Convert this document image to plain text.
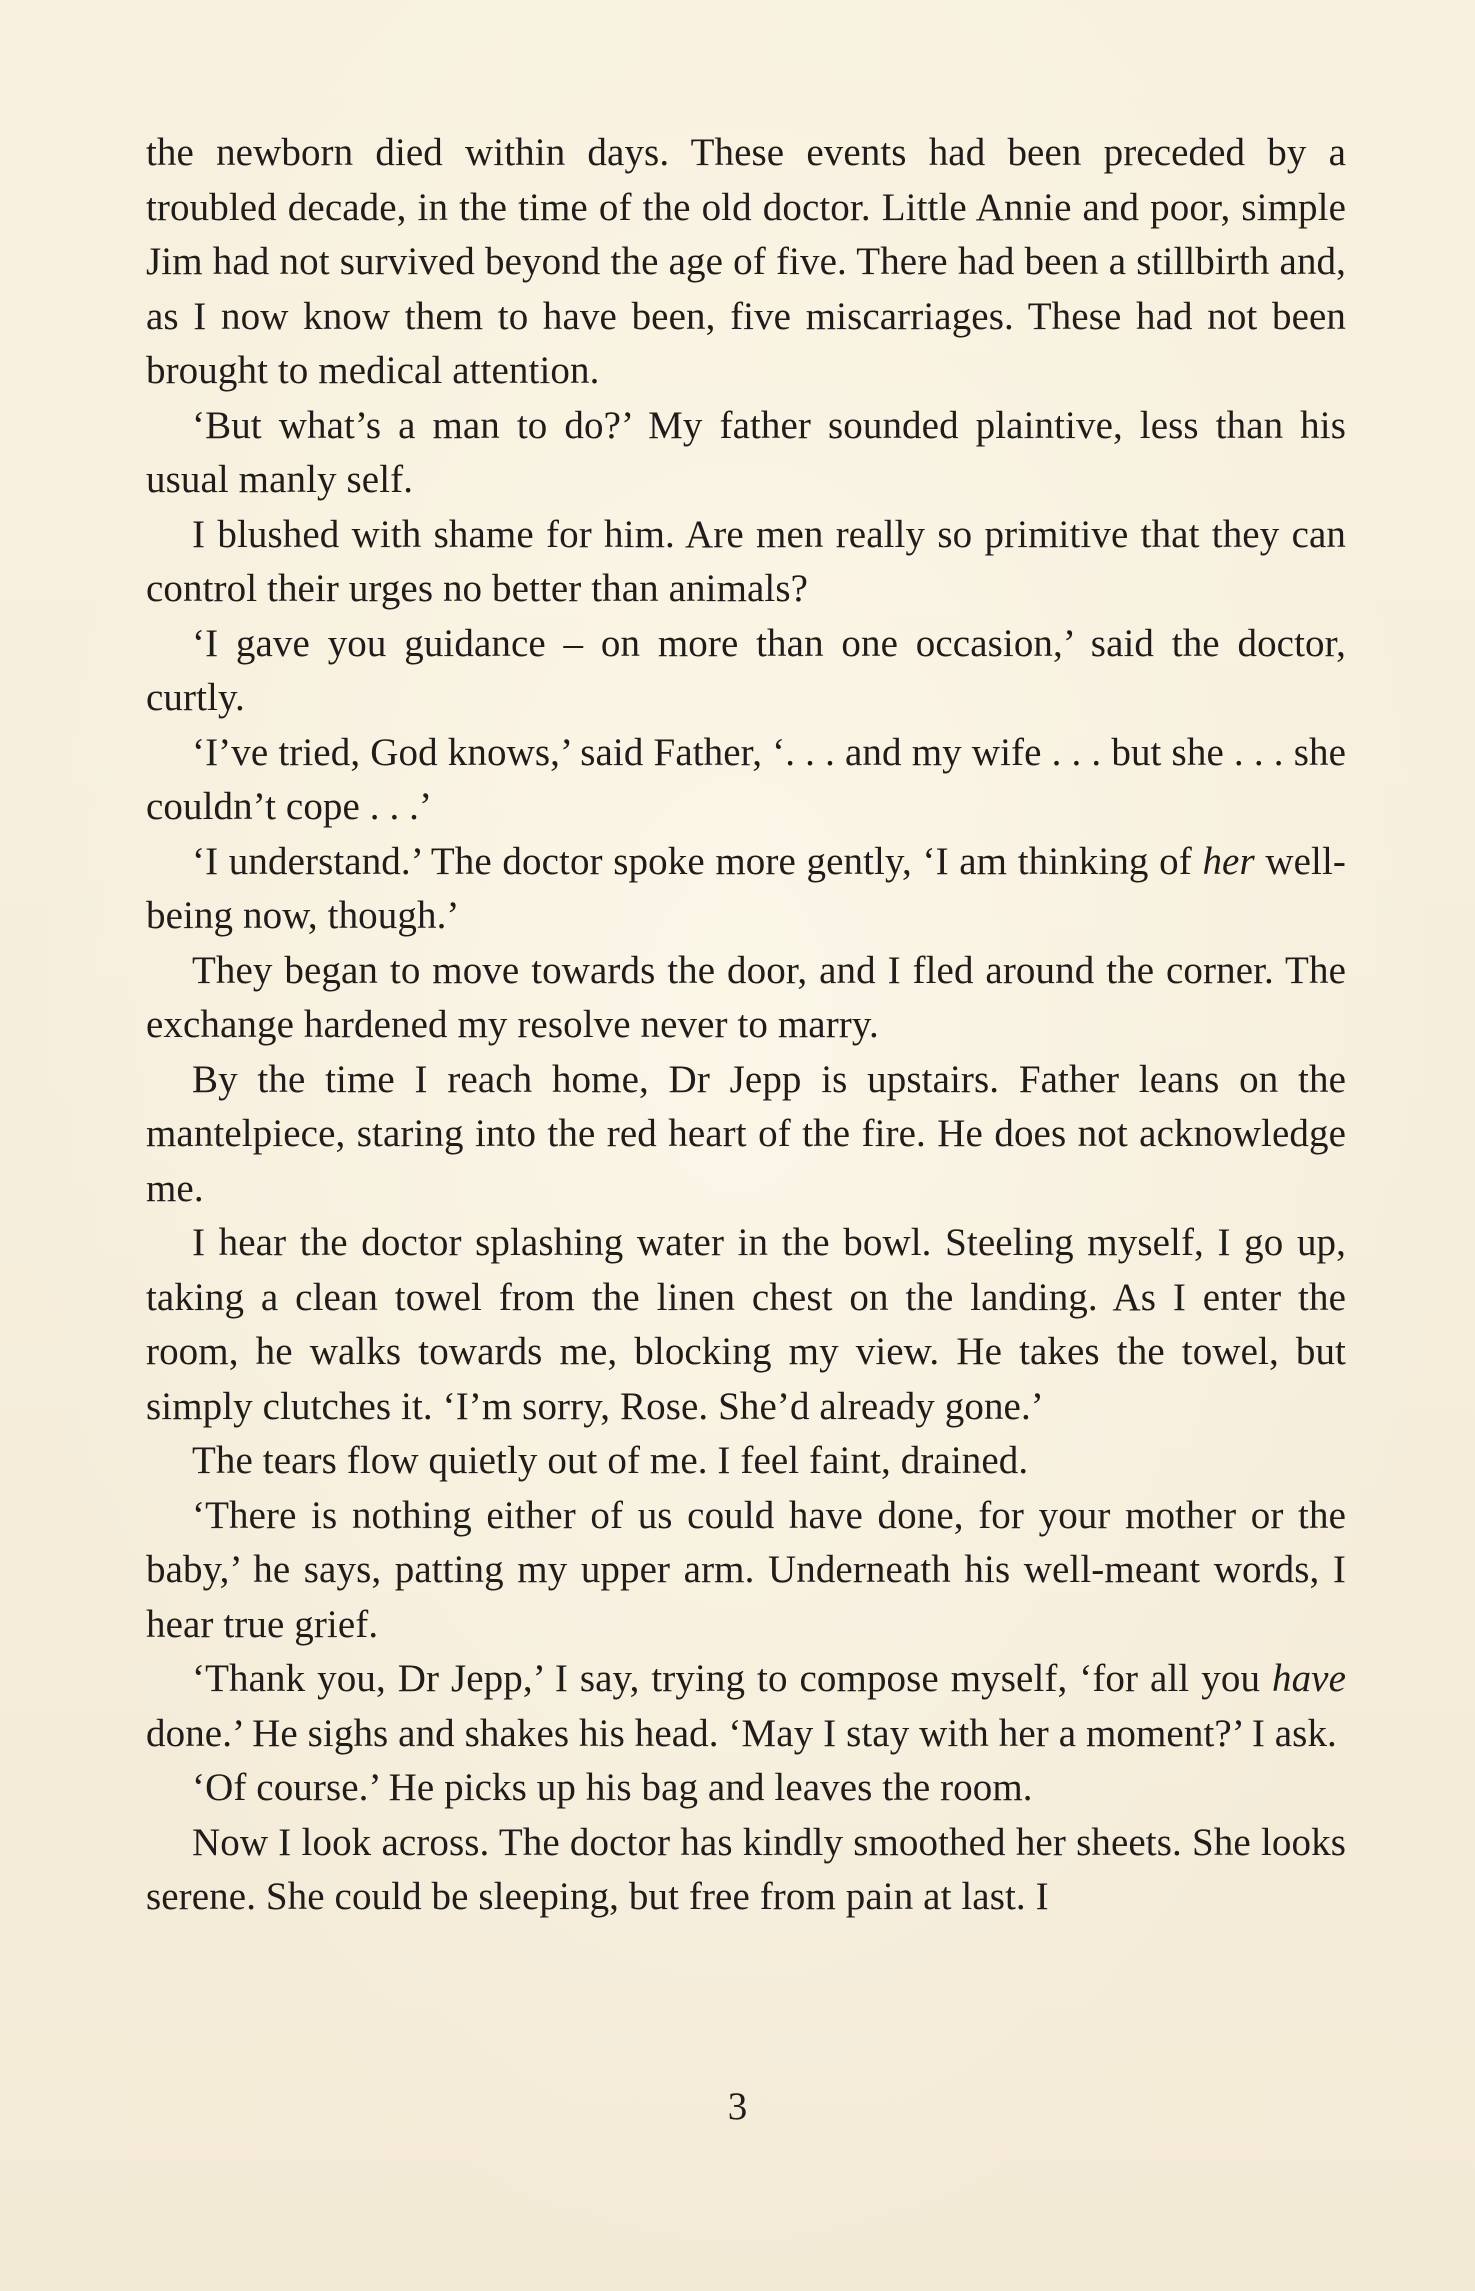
the newborn died within days. These events had been preceded by a troubled decade, in the time of the old doctor. Little Annie and poor, simple Jim had not survived beyond the age of five. There had been a stillbirth and, as I now know them to have been, five miscarriages. These had not been brought to medical attention.

‘But what’s a man to do?’ My father sounded plaintive, less than his usual manly self.

I blushed with shame for him. Are men really so primitive that they can control their urges no better than animals?

‘I gave you guidance – on more than one occasion,’ said the doctor, curtly.

‘I’ve tried, God knows,’ said Father, ‘. . . and my wife . . . but she . . . she couldn’t cope . . .’

‘I understand.’ The doctor spoke more gently, ‘I am thinking of her well-being now, though.’

They began to move towards the door, and I fled around the corner. The exchange hardened my resolve never to marry.

By the time I reach home, Dr Jepp is upstairs. Father leans on the mantelpiece, staring into the red heart of the fire. He does not acknowledge me.

I hear the doctor splashing water in the bowl. Steeling myself, I go up, taking a clean towel from the linen chest on the landing. As I enter the room, he walks towards me, blocking my view. He takes the towel, but simply clutches it. ‘I’m sorry, Rose. She’d already gone.’

The tears flow quietly out of me. I feel faint, drained.

‘There is nothing either of us could have done, for your mother or the baby,’ he says, patting my upper arm. Underneath his well-meant words, I hear true grief.

‘Thank you, Dr Jepp,’ I say, trying to compose myself, ‘for all you have done.’ He sighs and shakes his head. ‘May I stay with her a moment?’ I ask.

‘Of course.’ He picks up his bag and leaves the room.

Now I look across. The doctor has kindly smoothed her sheets. She looks serene. She could be sleeping, but free from pain at last. I

3
